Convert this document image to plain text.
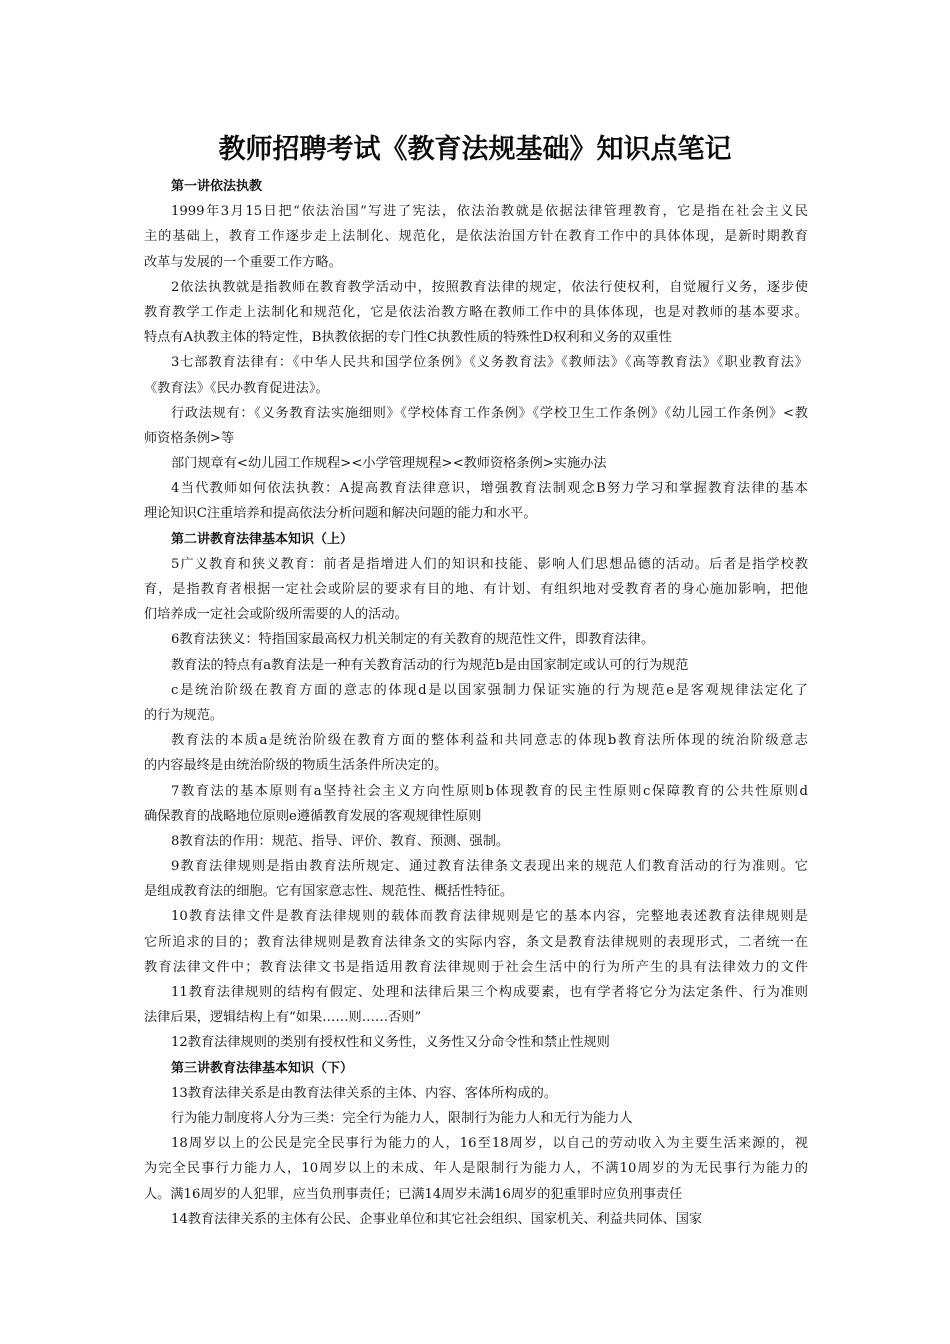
教师招聘考试《教育法规基础》知识点笔记
第一讲依法执教
1999年3月15日把“依法治国”写进了宪法，依法治教就是依据法律管理教育，它是指在社会主义民
主的基础上，教育工作逐步走上法制化、规范化，是依法治国方针在教育工作中的具体体现，是新时期教育
改革与发展的一个重要工作方略。
2依法执教就是指教师在教育教学活动中，按照教育法律的规定，依法行使权利，自觉履行义务，逐步使
教育教学工作走上法制化和规范化，它是依法治教方略在教师工作中的具体体现，也是对教师的基本要求。
特点有A执教主体的特定性，B执教依据的专门性C执教性质的特殊性D权利和义务的双重性
3七部教育法律有：《中华人民共和国学位条例》《义务教育法》《教师法》《高等教育法》《职业教育法》
《教育法》《民办教育促进法》。
行政法规有：《义务教育法实施细则》《学校体育工作条例》《学校卫生工作条例》《幼儿园工作条例》<教
师资格条例>等
部门规章有<幼儿园工作规程><小学管理规程><教师资格条例>实施办法
4当代教师如何依法执教：A提高教育法律意识，增强教育法制观念B努力学习和掌握教育法律的基本
理论知识C注重培养和提高依法分析问题和解决问题的能力和水平。
第二讲教育法律基本知识（上）
5广义教育和狭义教育：前者是指增进人们的知识和技能、影响人们思想品德的活动。后者是指学校教
育，是指教育者根据一定社会或阶层的要求有目的地、有计划、有组织地对受教育者的身心施加影响，把他
们培养成一定社会或阶级所需要的人的活动。
6教育法狭义：特指国家最高权力机关制定的有关教育的规范性文件，即教育法律。
教育法的特点有a教育法是一种有关教育活动的行为规范b是由国家制定或认可的行为规范
c是统治阶级在教育方面的意志的体现d是以国家强制力保证实施的行为规范e是客观规律法定化了
的行为规范。
教育法的本质a是统治阶级在教育方面的整体利益和共同意志的体现b教育法所体现的统治阶级意志
的内容最终是由统治阶级的物质生活条件所决定的。
7教育法的基本原则有a坚持社会主义方向性原则b体现教育的民主性原则c保障教育的公共性原则d
确保教育的战略地位原则e遵循教育发展的客观规律性原则
8教育法的作用：规范、指导、评价、教育、预测、强制。
9教育法律规则是指由教育法所规定、通过教育法律条文表现出来的规范人们教育活动的行为准则。它
是组成教育法的细胞。它有国家意志性、规范性、概括性特征。
10教育法律文件是教育法律规则的载体而教育法律规则是它的基本内容，完整地表述教育法律规则是
它所追求的目的；教育法律规则是教育法律条文的实际内容，条文是教育法律规则的表现形式，二者统一在
教育法律文件中；教育法律文书是指适用教育法律规则于社会生活中的行为所产生的具有法律效力的文件
11教育法律规则的结构有假定、处理和法律后果三个构成要素，也有学者将它分为法定条件、行为准则
法律后果，逻辑结构上有“如果……则……否则”
12教育法律规则的类别有授权性和义务性，义务性又分命令性和禁止性规则
第三讲教育法律基本知识（下）
13教育法律关系是由教育法律关系的主体、内容、客体所构成的。
行为能力制度将人分为三类：完全行为能力人，限制行为能力人和无行为能力人
18周岁以上的公民是完全民事行为能力的人，16至18周岁，以自己的劳动收入为主要生活来源的，视
为完全民事行力能力人，10周岁以上的未成、年人是限制行为能力人，不满10周岁的为无民事行为能力的
人。满16周岁的人犯罪，应当负刑事责任；已满14周岁未满16周岁的犯重罪时应负刑事责任
14教育法律关系的主体有公民、企事业单位和其它社会组织、国家机关、利益共同体、国家
